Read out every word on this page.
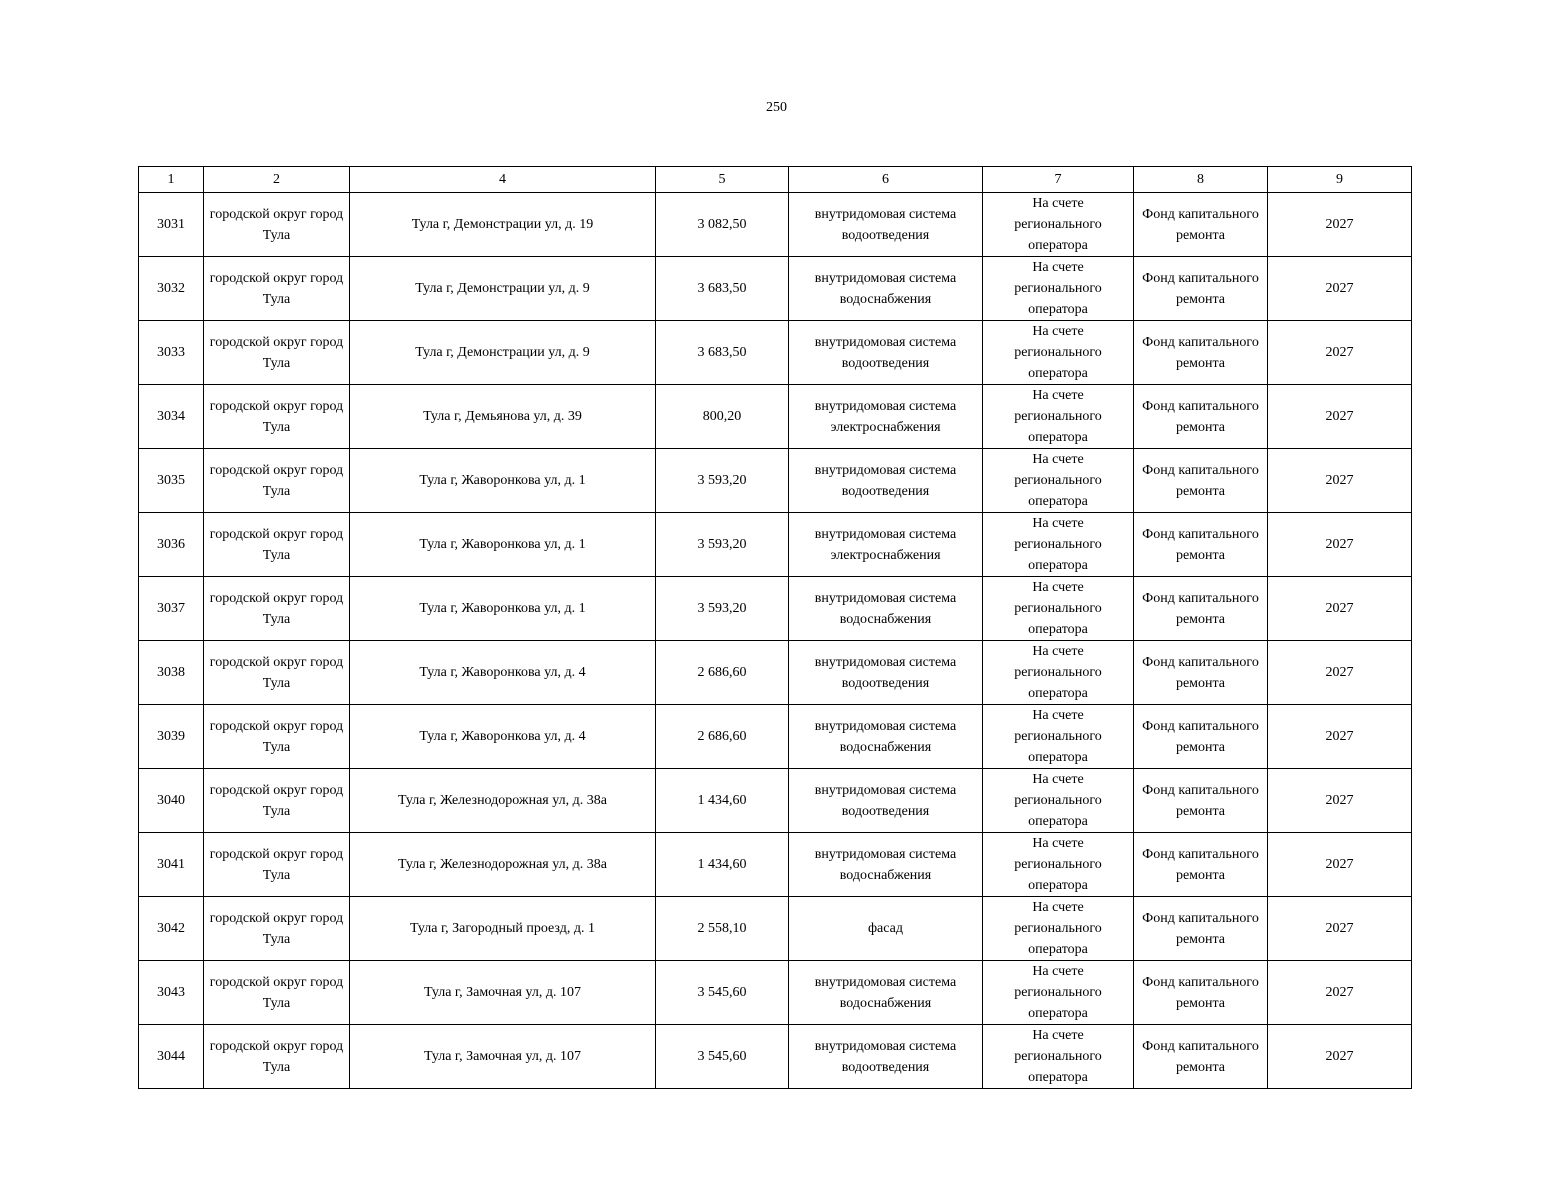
250
1	2	4	5	6	7	8	9
3031	городской округ город Тула	Тула г, Демонстрации ул, д. 19	3 082,50	внутридомовая система водоотведения	На счете регионального оператора	Фонд капитального ремонта	2027
3032	городской округ город Тула	Тула г, Демонстрации ул, д. 9	3 683,50	внутридомовая система водоснабжения	На счете регионального оператора	Фонд капитального ремонта	2027
3033	городской округ город Тула	Тула г, Демонстрации ул, д. 9	3 683,50	внутридомовая система водоотведения	На счете регионального оператора	Фонд капитального ремонта	2027
3034	городской округ город Тула	Тула г, Демьянова ул, д. 39	800,20	внутридомовая система электроснабжения	На счете регионального оператора	Фонд капитального ремонта	2027
3035	городской округ город Тула	Тула г, Жаворонкова ул, д. 1	3 593,20	внутридомовая система водоотведения	На счете регионального оператора	Фонд капитального ремонта	2027
3036	городской округ город Тула	Тула г, Жаворонкова ул, д. 1	3 593,20	внутридомовая система электроснабжения	На счете регионального оператора	Фонд капитального ремонта	2027
3037	городской округ город Тула	Тула г, Жаворонкова ул, д. 1	3 593,20	внутридомовая система водоснабжения	На счете регионального оператора	Фонд капитального ремонта	2027
3038	городской округ город Тула	Тула г, Жаворонкова ул, д. 4	2 686,60	внутридомовая система водоотведения	На счете регионального оператора	Фонд капитального ремонта	2027
3039	городской округ город Тула	Тула г, Жаворонкова ул, д. 4	2 686,60	внутридомовая система водоснабжения	На счете регионального оператора	Фонд капитального ремонта	2027
3040	городской округ город Тула	Тула г, Железнодорожная ул, д. 38а	1 434,60	внутридомовая система водоотведения	На счете регионального оператора	Фонд капитального ремонта	2027
3041	городской округ город Тула	Тула г, Железнодорожная ул, д. 38а	1 434,60	внутридомовая система водоснабжения	На счете регионального оператора	Фонд капитального ремонта	2027
3042	городской округ город Тула	Тула г, Загородный проезд, д. 1	2 558,10	фасад	На счете регионального оператора	Фонд капитального ремонта	2027
3043	городской округ город Тула	Тула г, Замочная ул, д. 107	3 545,60	внутридомовая система водоснабжения	На счете регионального оператора	Фонд капитального ремонта	2027
3044	городской округ город Тула	Тула г, Замочная ул, д. 107	3 545,60	внутридомовая система водоотведения	На счете регионального оператора	Фонд капитального ремонта	2027
